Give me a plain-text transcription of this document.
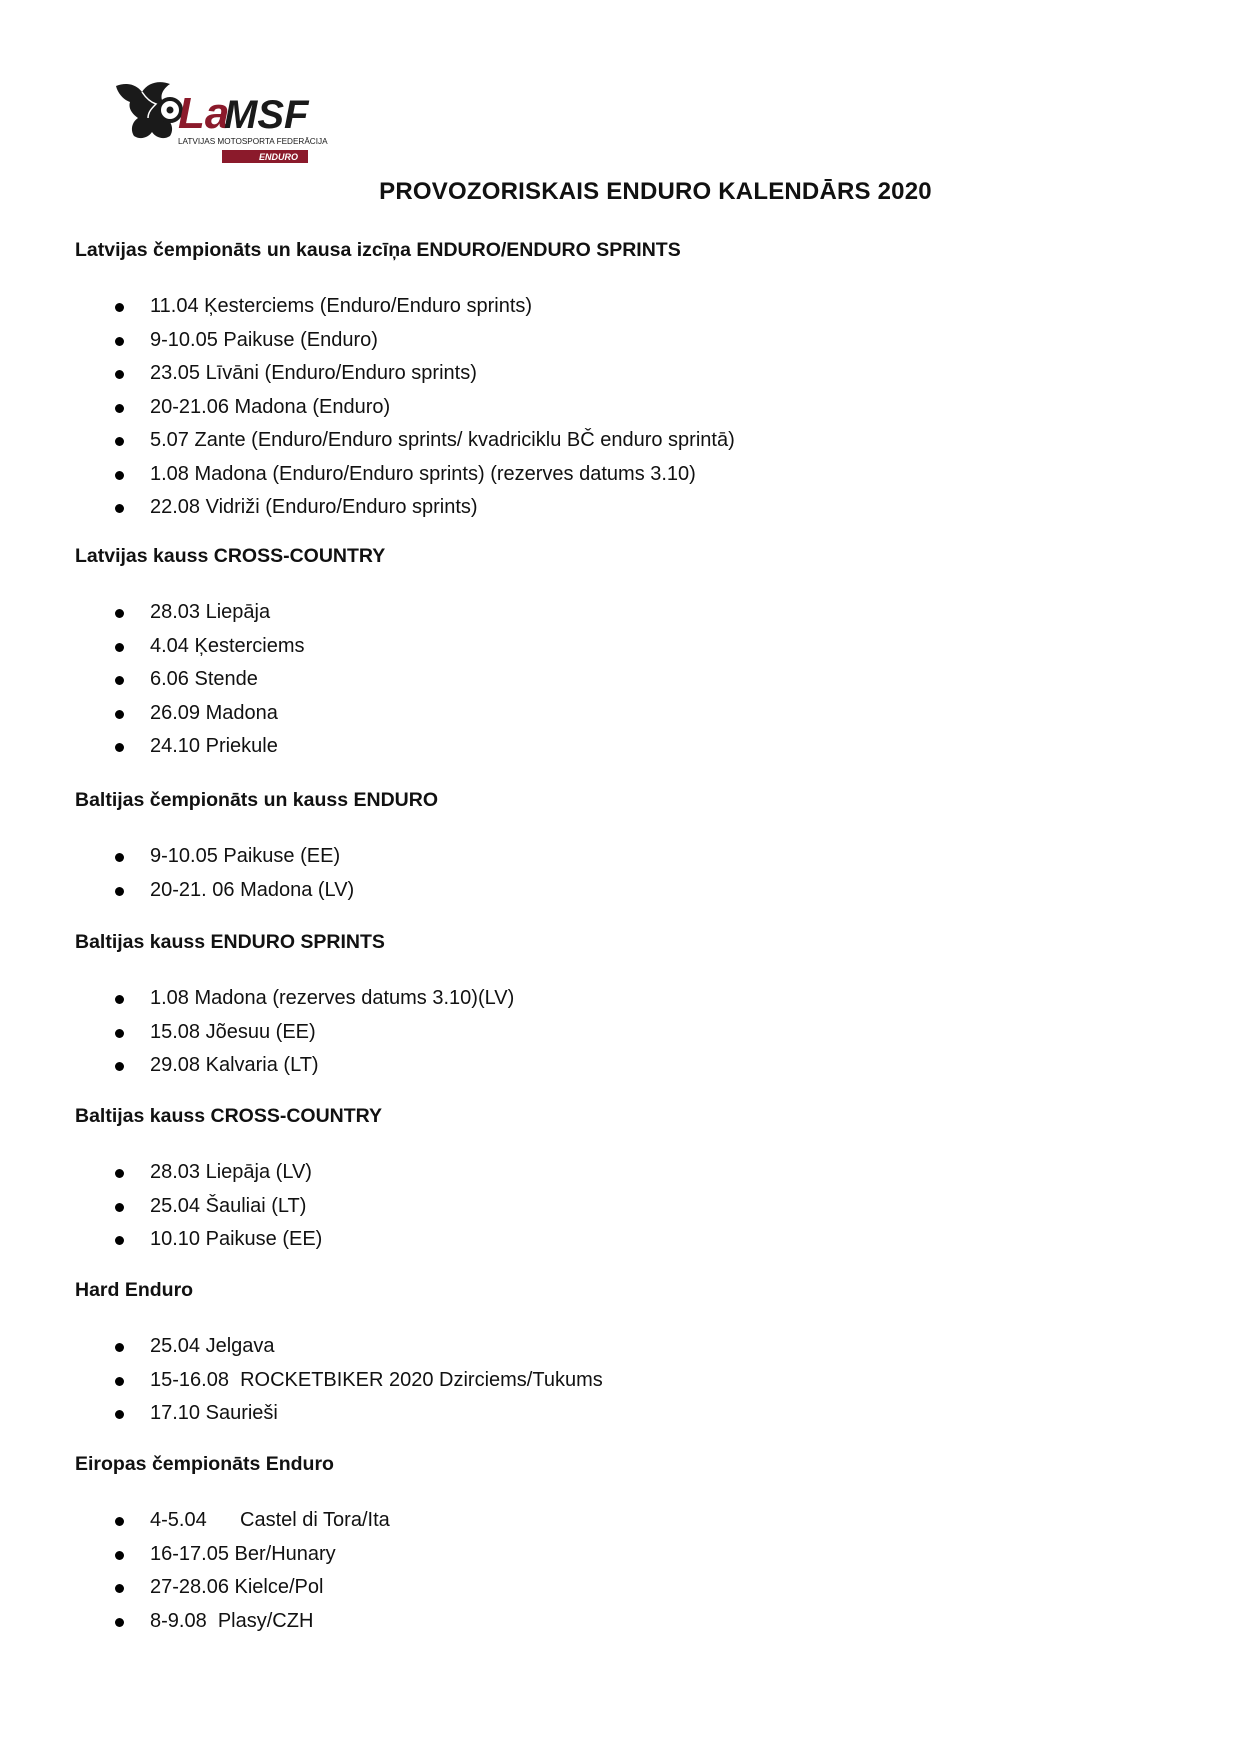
La
MSF
LATVIJAS MOTOSPORTA FEDERĀCIJA
ENDURO
PROVOZORISKAIS ENDURO KALENDĀRS 2020
Latvijas čempionāts un kausa izcīņa ENDURO/ENDURO SPRINTS
11.04 Ķesterciems (Enduro/Enduro sprints)
9-10.05 Paikuse (Enduro)
23.05 Līvāni (Enduro/Enduro sprints)
20-21.06 Madona (Enduro)
5.07 Zante (Enduro/Enduro sprints/ kvadriciklu BČ enduro sprintā)
1.08 Madona (Enduro/Enduro sprints) (rezerves datums 3.10)
22.08 Vidriži (Enduro/Enduro sprints)
Latvijas kauss CROSS-COUNTRY
28.03 Liepāja
4.04 Ķesterciems
6.06 Stende
26.09 Madona
24.10 Priekule
Baltijas čempionāts un kauss ENDURO
9-10.05 Paikuse (EE)
20-21. 06 Madona (LV)
Baltijas kauss ENDURO SPRINTS
1.08 Madona (rezerves datums 3.10)(LV)
15.08 Jõesuu (EE)
29.08 Kalvaria (LT)
Baltijas kauss CROSS-COUNTRY
28.03 Liepāja (LV)
25.04 Šauliai (LT)
10.10 Paikuse (EE)
Hard Enduro
25.04 Jelgava
15-16.08  ROCKETBIKER 2020 Dzirciems/Tukums
17.10 Saurieši
Eiropas čempionāts Enduro
4-5.04      Castel di Tora/Ita
16-17.05 Ber/Hunary
27-28.06 Kielce/Pol
8-9.08  Plasy/CZH
